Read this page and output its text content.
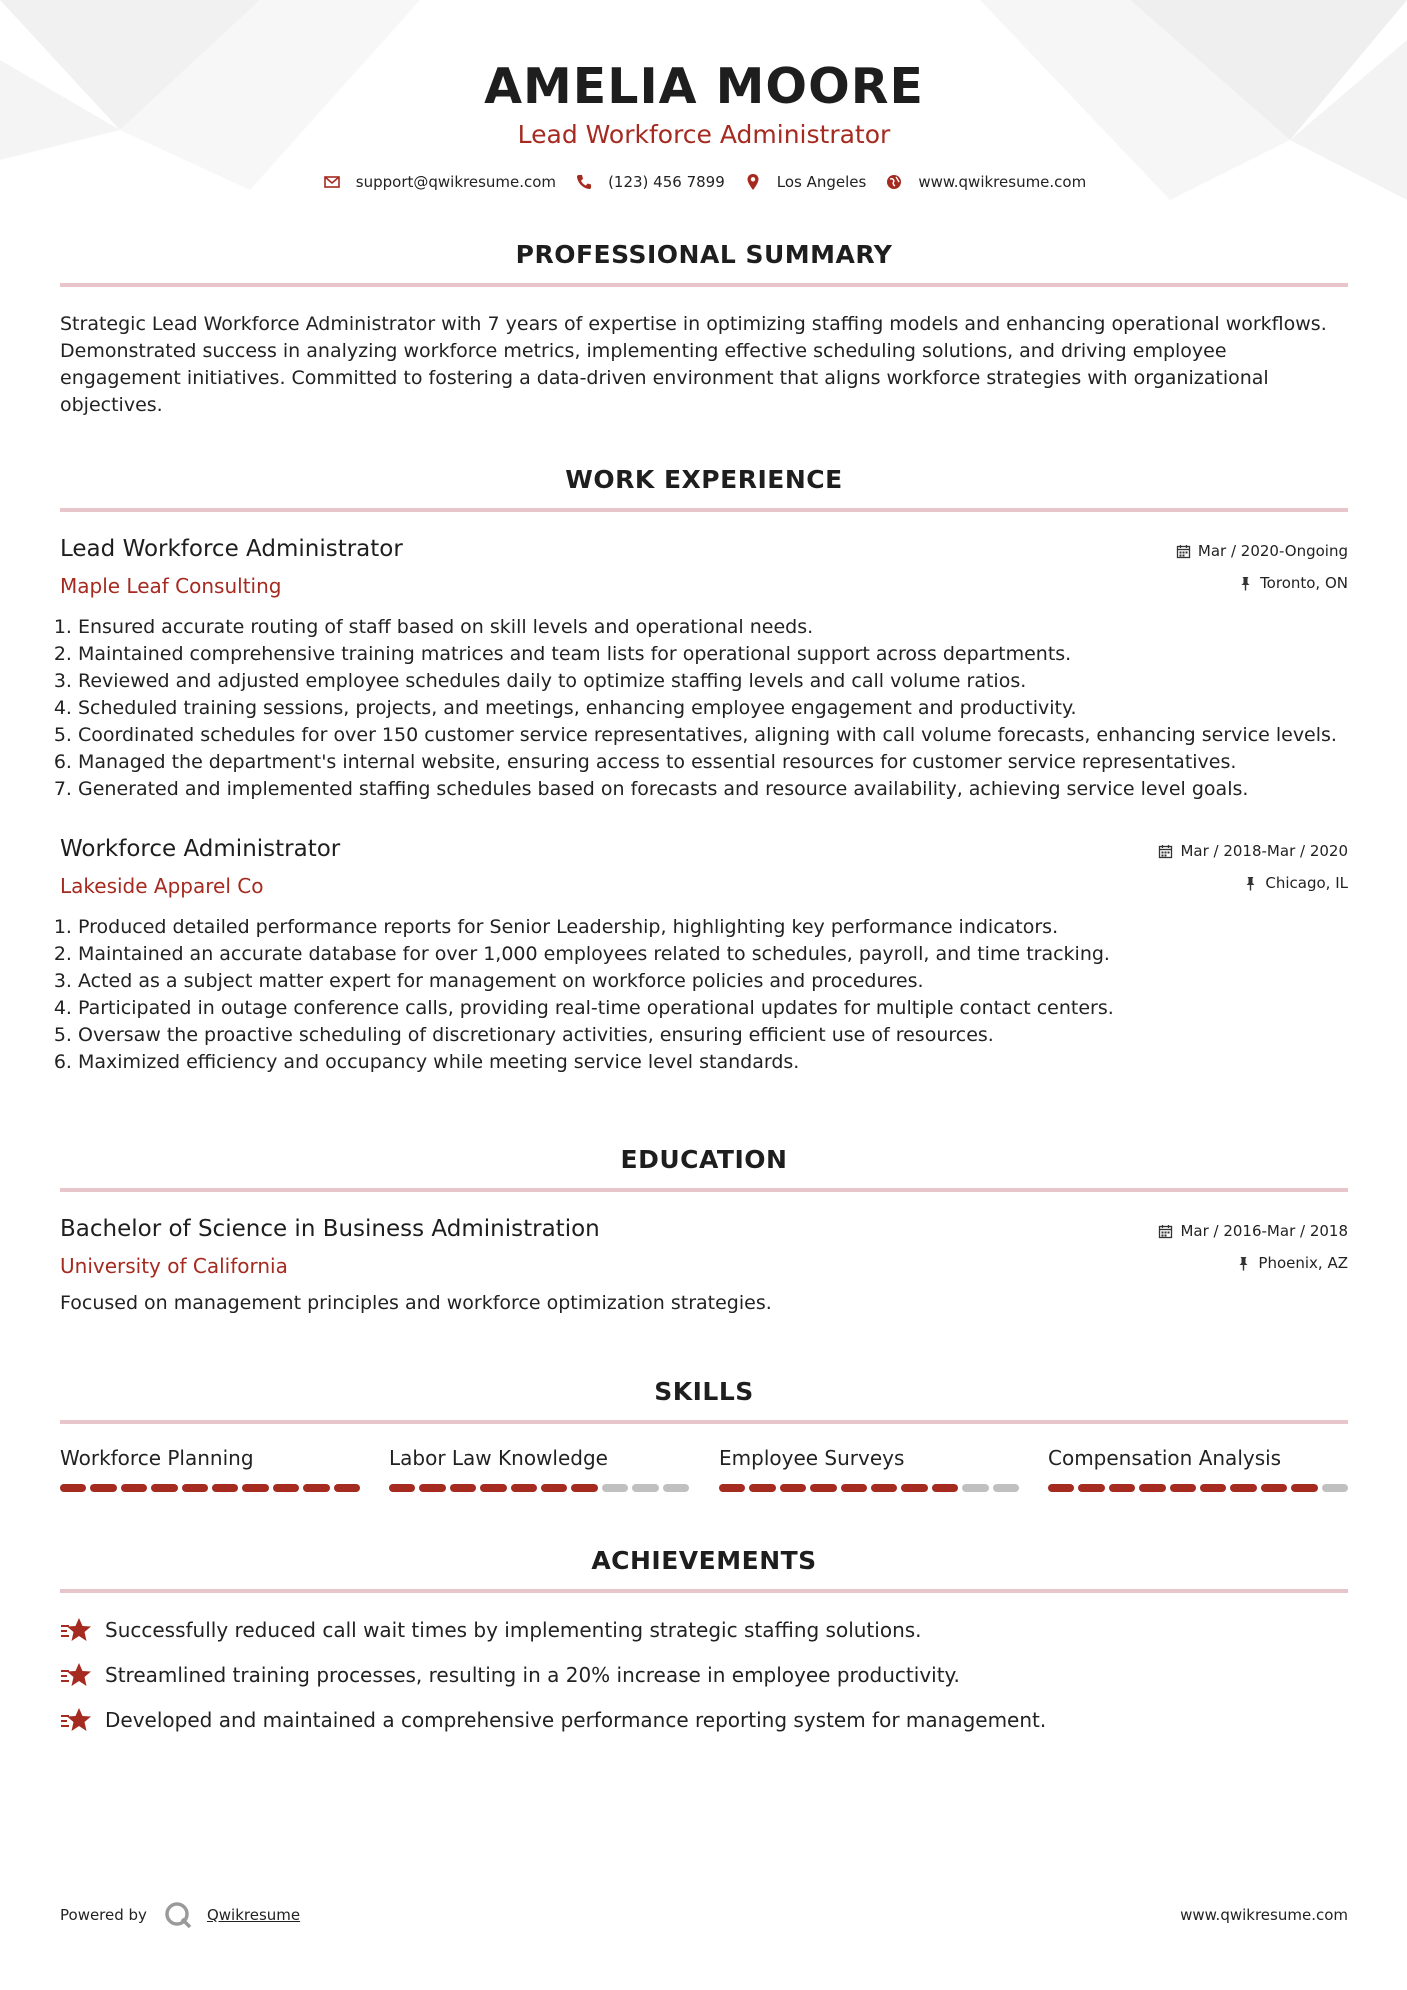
AMELIA MOORE
Lead Workforce Administrator
support@qwikresume.com	(123) 456 7899	Los Angeles	www.qwikresume.com
PROFESSIONAL SUMMARY

Strategic Lead Workforce Administrator with 7 years of expertise in optimizing staffing models and enhancing operational workflows.
Demonstrated success in analyzing workforce metrics, implementing effective scheduling solutions, and driving employee
engagement initiatives. Committed to fostering a data-driven environment that aligns workforce strategies with organizational
objectives.

WORK EXPERIENCE
Lead Workforce Administrator
Maple Leaf Consulting
Mar / 2020-Ongoing
Toronto, ON
1. Ensured accurate routing of staff based on skill levels and operational needs.
2. Maintained comprehensive training matrices and team lists for operational support across departments.
3. Reviewed and adjusted employee schedules daily to optimize staffing levels and call volume ratios.
4. Scheduled training sessions, projects, and meetings, enhancing employee engagement and productivity.
5. Coordinated schedules for over 150 customer service representatives, aligning with call volume forecasts, enhancing service levels.
6. Managed the department's internal website, ensuring access to essential resources for customer service representatives.
7. Generated and implemented staffing schedules based on forecasts and resource availability, achieving service level goals.
Workforce Administrator
Lakeside Apparel Co
Mar / 2018-Mar / 2020
Chicago, IL
1. Produced detailed performance reports for Senior Leadership, highlighting key performance indicators.
2. Maintained an accurate database for over 1,000 employees related to schedules, payroll, and time tracking.
3. Acted as a subject matter expert for management on workforce policies and procedures.
4. Participated in outage conference calls, providing real-time operational updates for multiple contact centers.
5. Oversaw the proactive scheduling of discretionary activities, ensuring efficient use of resources.
6. Maximized efficiency and occupancy while meeting service level standards.
EDUCATION
Bachelor of Science in Business Administration
University of California
Mar / 2016-Mar / 2018
Phoenix, AZ
Focused on management principles and workforce optimization strategies.
SKILLS
Workforce Planning	Labor Law Knowledge	Employee Surveys	Compensation Analysis
ACHIEVEMENTS
Successfully reduced call wait times by implementing strategic staffing solutions.
Streamlined training processes, resulting in a 20% increase in employee productivity.
Developed and maintained a comprehensive performance reporting system for management.
Powered by	Qwikresume	www.qwikresume.com
